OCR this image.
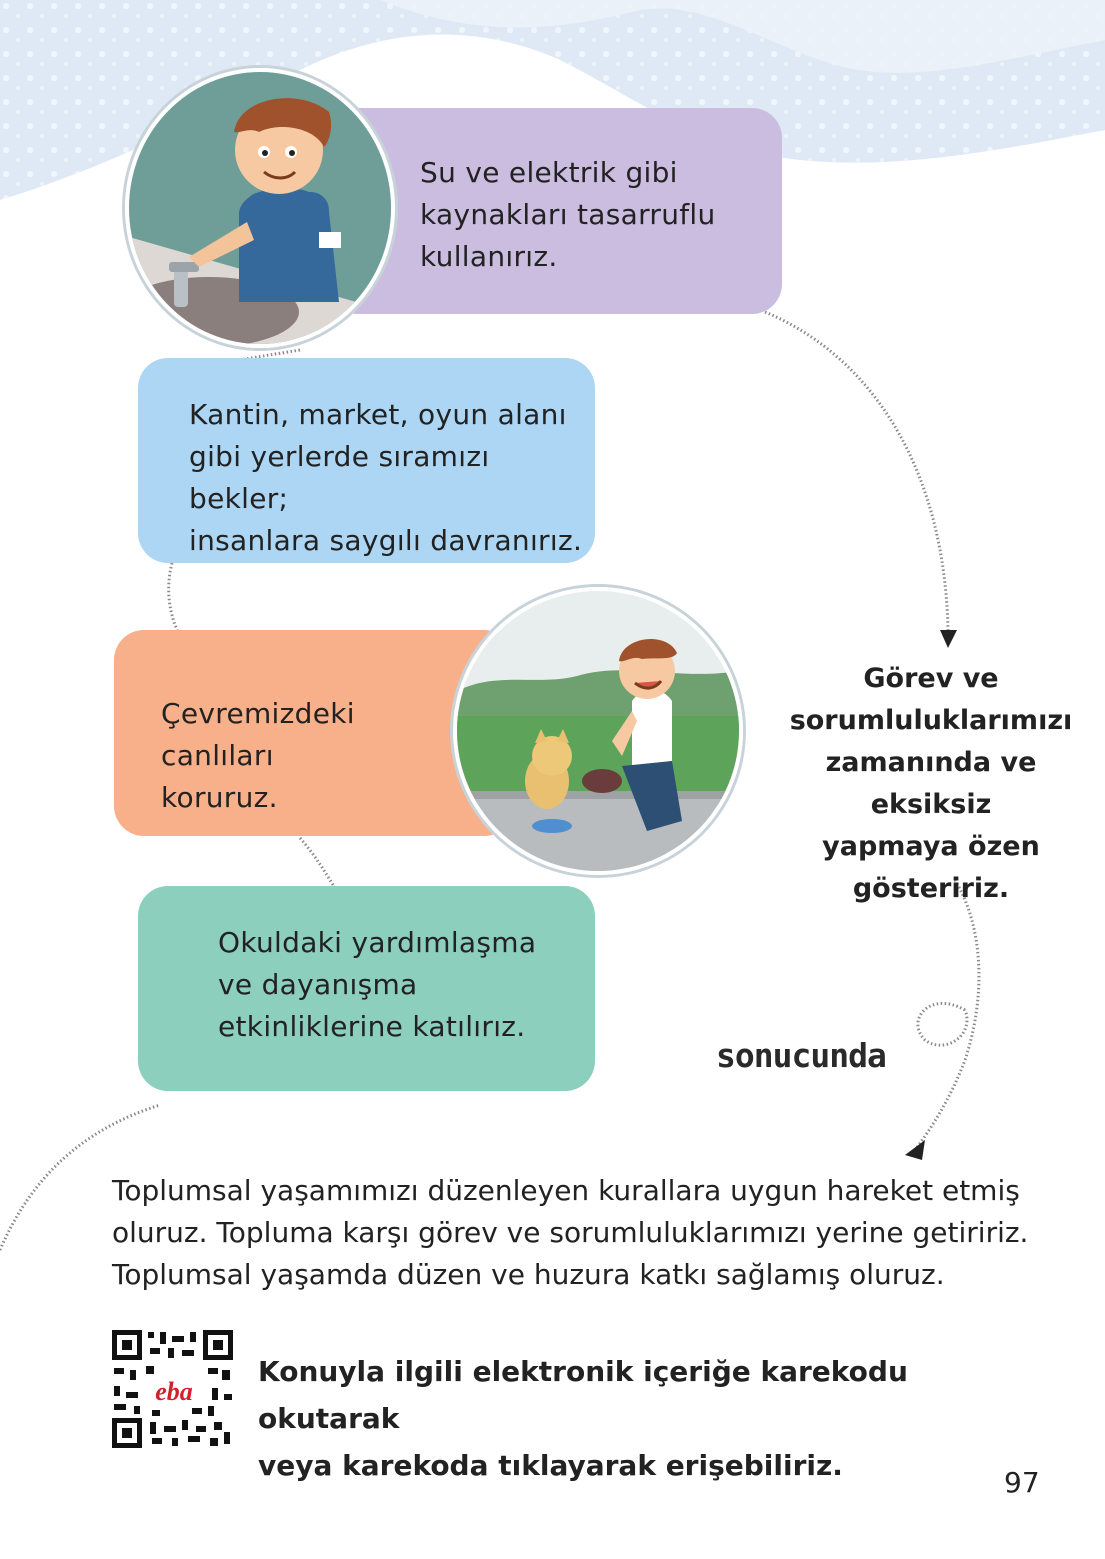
Su ve elektrik gibi
kaynakları tasarruflu
kullanırız.
Kantin, market, oyun alanı
gibi yerlerde sıramızı bekler;
insanlara saygılı davranırız.
Çevremizdeki canlıları
koruruz.
Okuldaki yardımlaşma
ve dayanışma
etkinliklerine katılırız.
Görev ve
sorumluluklarımızı
zamanında ve eksiksiz
yapmaya özen
gösteririz.
sonucunda

Toplumsal yaşamımızı düzenleyen kurallara uygun hareket etmiş

oluruz. Topluma karşı görev ve sorumluluklarımızı yerine getiririz.

Toplumsal yaşamda düzen ve huzura katkı sağlamış oluruz.

eba

Konuyla ilgili elektronik içeriğe karekodu okutarak

veya karekoda tıklayarak erişebiliriz.

97
